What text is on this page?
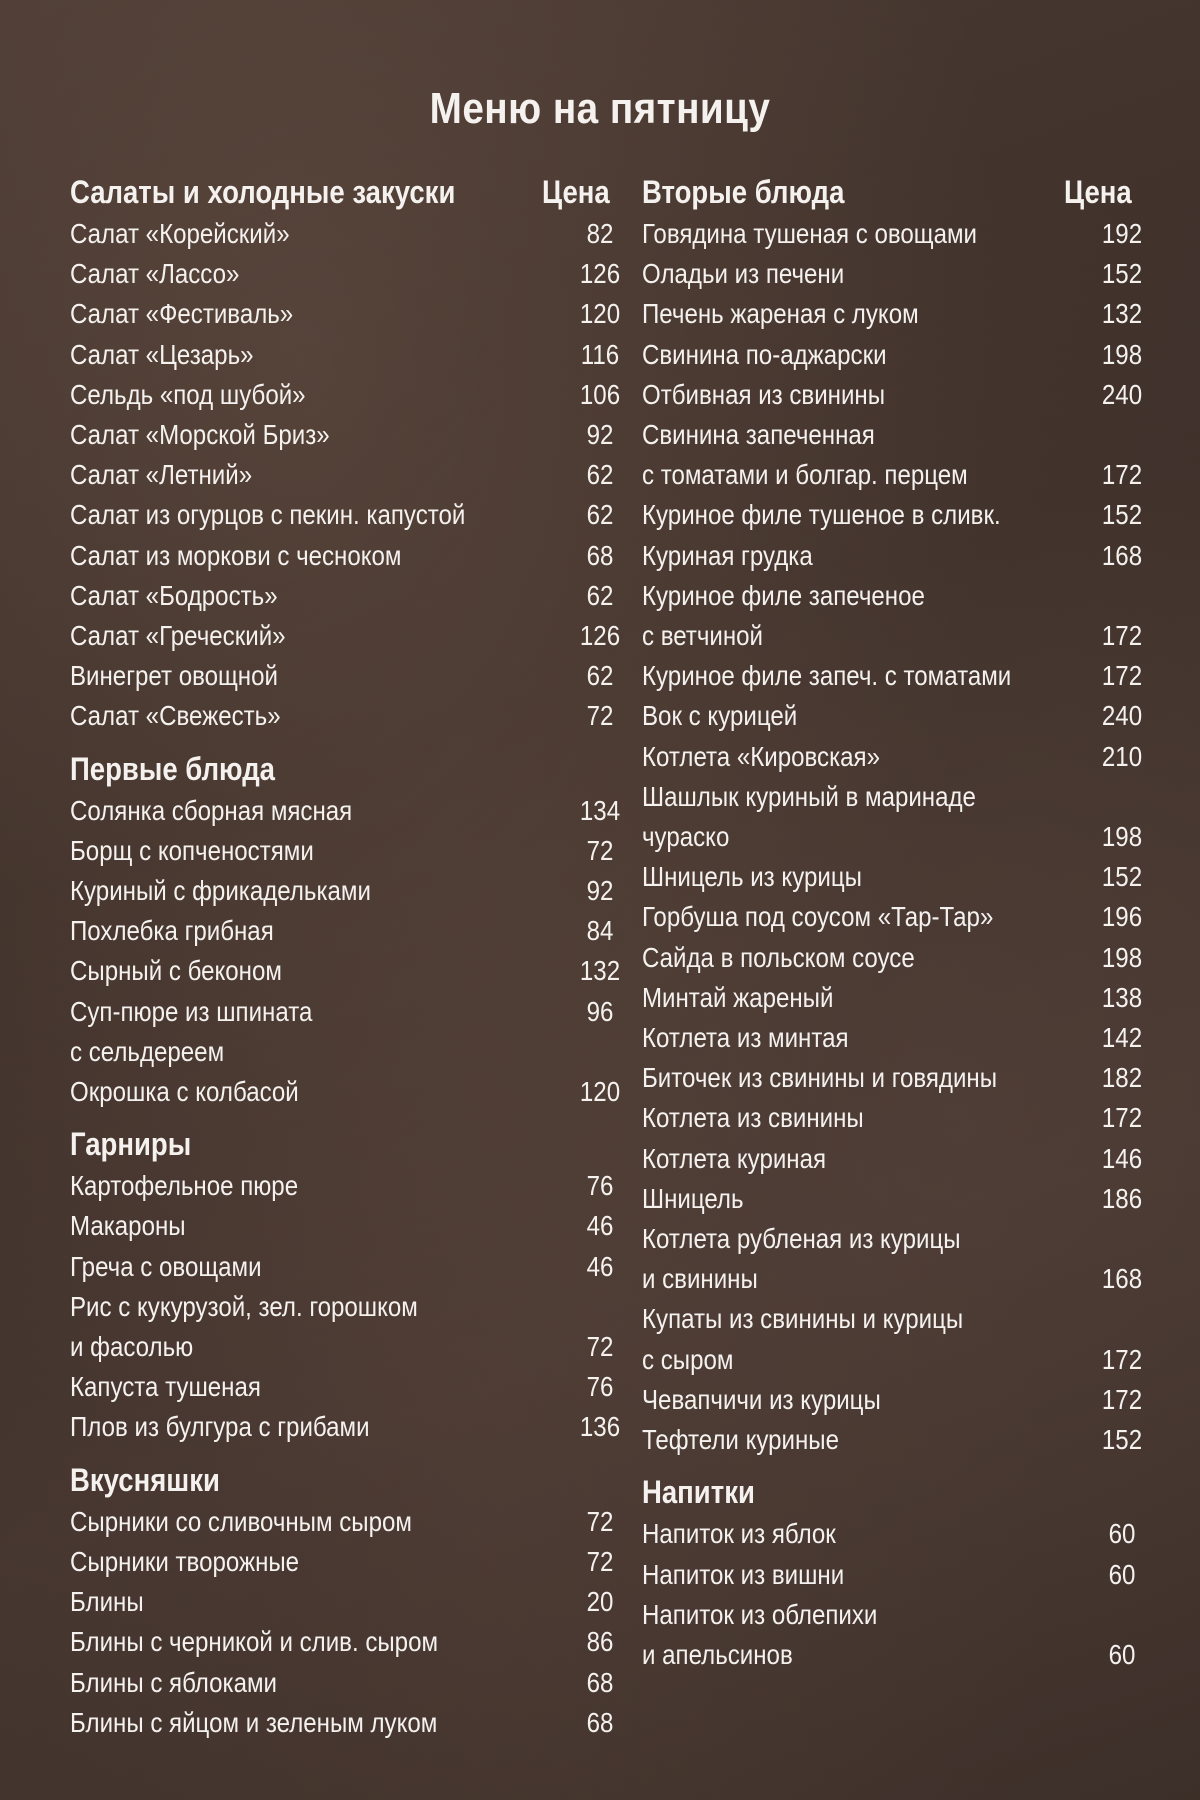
Меню на пятницу
Салаты и холодные закуски	Цена
Салат «Корейский»	82
Салат «Лассо»	126
Салат «Фестиваль»	120
Салат «Цезарь»	116
Сельдь «под шубой»	106
Салат «Морской Бриз»	92
Салат «Летний»	62
Салат из огурцов с пекин. капустой	62
Салат из моркови с чесноком	68
Салат «Бодрость»	62
Салат «Греческий»	126
Винегрет овощной	62
Салат «Свежесть»	72
Первые блюда
Солянка сборная мясная	134
Борщ с копченостями	72
Куриный с фрикадельками	92
Похлебка грибная	84
Сырный с беконом	132
Суп-пюре из шпината	96
с сельдереем
Окрошка с колбасой	120
Гарниры
Картофельное пюре	76
Макароны	46
Греча с овощами	46
Рис с кукурузой, зел. горошком
и фасолью	72
Капуста тушеная	76
Плов из булгура с грибами	136
Вкусняшки
Сырники со сливочным сыром	72
Сырники творожные	72
Блины	20
Блины с черникой и слив. сыром	86
Блины с яблоками	68
Блины с яйцом и зеленым луком	68
Вторые блюда	Цена
Говядина тушеная с овощами	192
Оладьи из печени	152
Печень жареная с луком	132
Свинина по-аджарски	198
Отбивная из свинины	240
Свинина запеченная
с томатами и болгар. перцем	172
Куриное филе тушеное в сливк.	152
Куриная грудка	168
Куриное филе запеченое
с ветчиной	172
Куриное филе запеч. с томатами	172
Вок с курицей	240
Котлета «Кировская»	210
Шашлык куриный в маринаде
чураско	198
Шницель из курицы	152
Горбуша под соусом «Тар-Тар»	196
Сайда в польском соусе	198
Минтай жареный	138
Котлета из минтая	142
Биточек из свинины и говядины	182
Котлета из свинины	172
Котлета куриная	146
Шницель	186
Котлета рубленая из курицы
и свинины	168
Купаты из свинины и курицы
с сыром	172
Чевапчичи из курицы	172
Тефтели куриные	152
Напитки
Напиток из яблок	60
Напиток из вишни	60
Напиток из облепихи
и апельсинов	60
